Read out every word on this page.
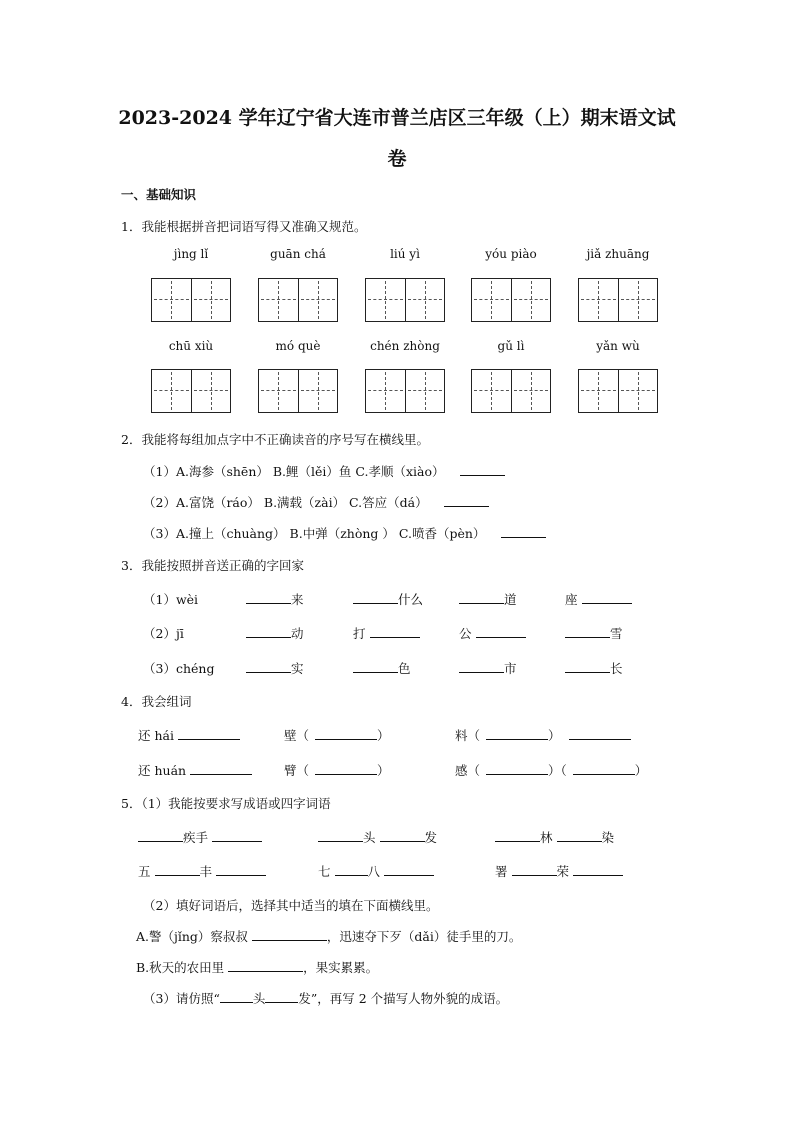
2023-2024 学年辽宁省大连市普兰店区三年级（上）期末语文试
卷
一、基础知识
1．我能根据拼音把词语写得又准确又规范。
jìng lǐ	guān chá	liú yì	yóu piào	jiǎ zhuāng
chū xiù	mó què	chén zhòng	gǔ lì	yǎn wù
2．我能将每组加点字中不正确读音的序号写在横线里。
（1）A.海参（shēn） B.鲤（lěi）鱼 C.孝顺（xiào）
（2）A.富饶（ráo） B.满载（zài） C.答应（dá）
（3）A.撞上（chuàng） B.中弹（zhòng ） C.喷香（pèn）
3．我能按照拼音送正确的字回家
（1）wèi	来	什么	道	座
（2）jī	动	打	公	雪
（3）chéng	实	色	市	长
4．我会组词
还 hái	壁（	）	料（	）
还 huán	臂（	）	感（	）（	）
5．（1）我能按要求写成语或四字词语
疾手	头	发	林	染
五	丰	七	八	署	荣
（2）填好词语后，选择其中适当的填在下面横线里。
A.警（jǐng）察叔叔	，迅速夺下歹（dǎi）徒手里的刀。
B.秋天的农田里	，果实累累。
（3）请仿照“	头	发”，再写 2 个描写人物外貌的成语。
